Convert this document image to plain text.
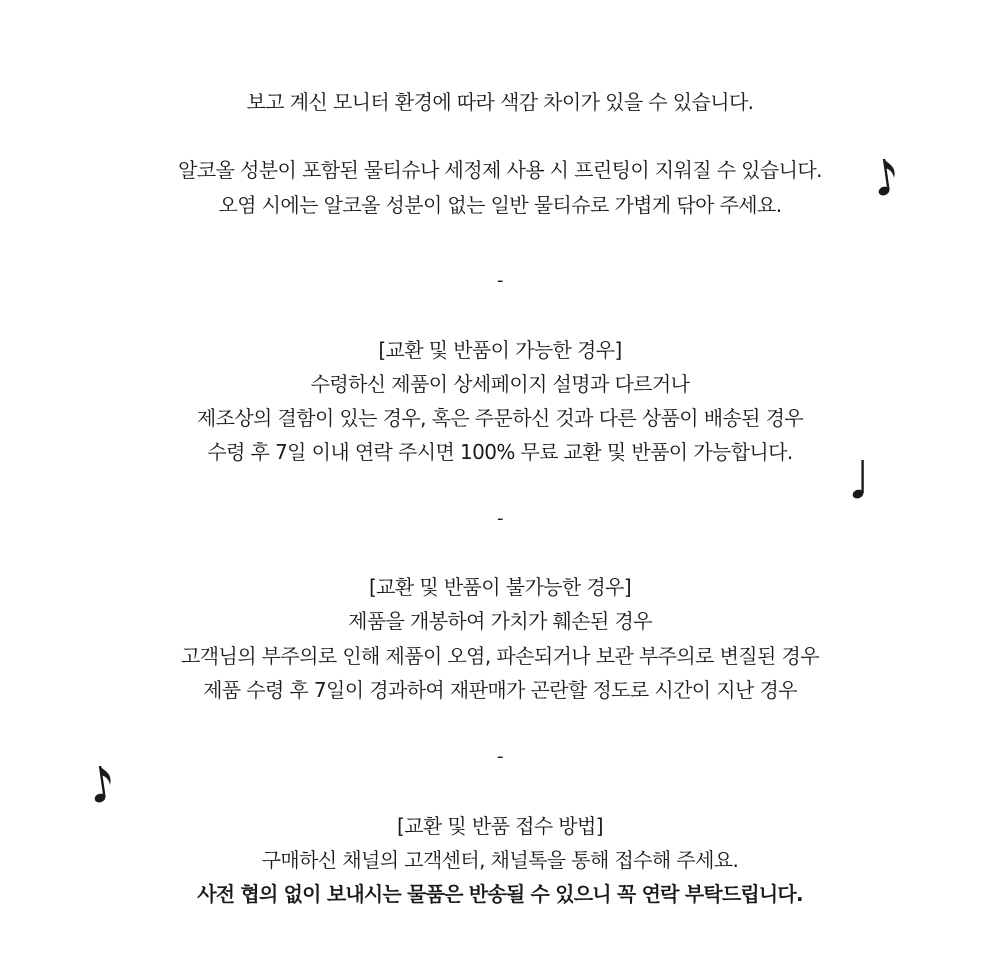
보고 계신 모니터 환경에 따라 색감 차이가 있을 수 있습니다.
알코올 성분이 포함된 물티슈나 세정제 사용 시 프린팅이 지워질 수 있습니다.
오염 시에는 알코올 성분이 없는 일반 물티슈로 가볍게 닦아 주세요.
-
[교환 및 반품이 가능한 경우]
수령하신 제품이 상세페이지 설명과 다르거나
제조상의 결함이 있는 경우, 혹은 주문하신 것과 다른 상품이 배송된 경우
수령 후 7일 이내 연락 주시면 100% 무료 교환 및 반품이 가능합니다.
-
[교환 및 반품이 불가능한 경우]
제품을 개봉하여 가치가 훼손된 경우
고객님의 부주의로 인해 제품이 오염, 파손되거나 보관 부주의로 변질된 경우
제품 수령 후 7일이 경과하여 재판매가 곤란할 정도로 시간이 지난 경우
-
[교환 및 반품 접수 방법]
구매하신 채널의 고객센터, 채널톡을 통해 접수해 주세요.
사전 협의 없이 보내시는 물품은 반송될 수 있으니 꼭 연락 부탁드립니다.
